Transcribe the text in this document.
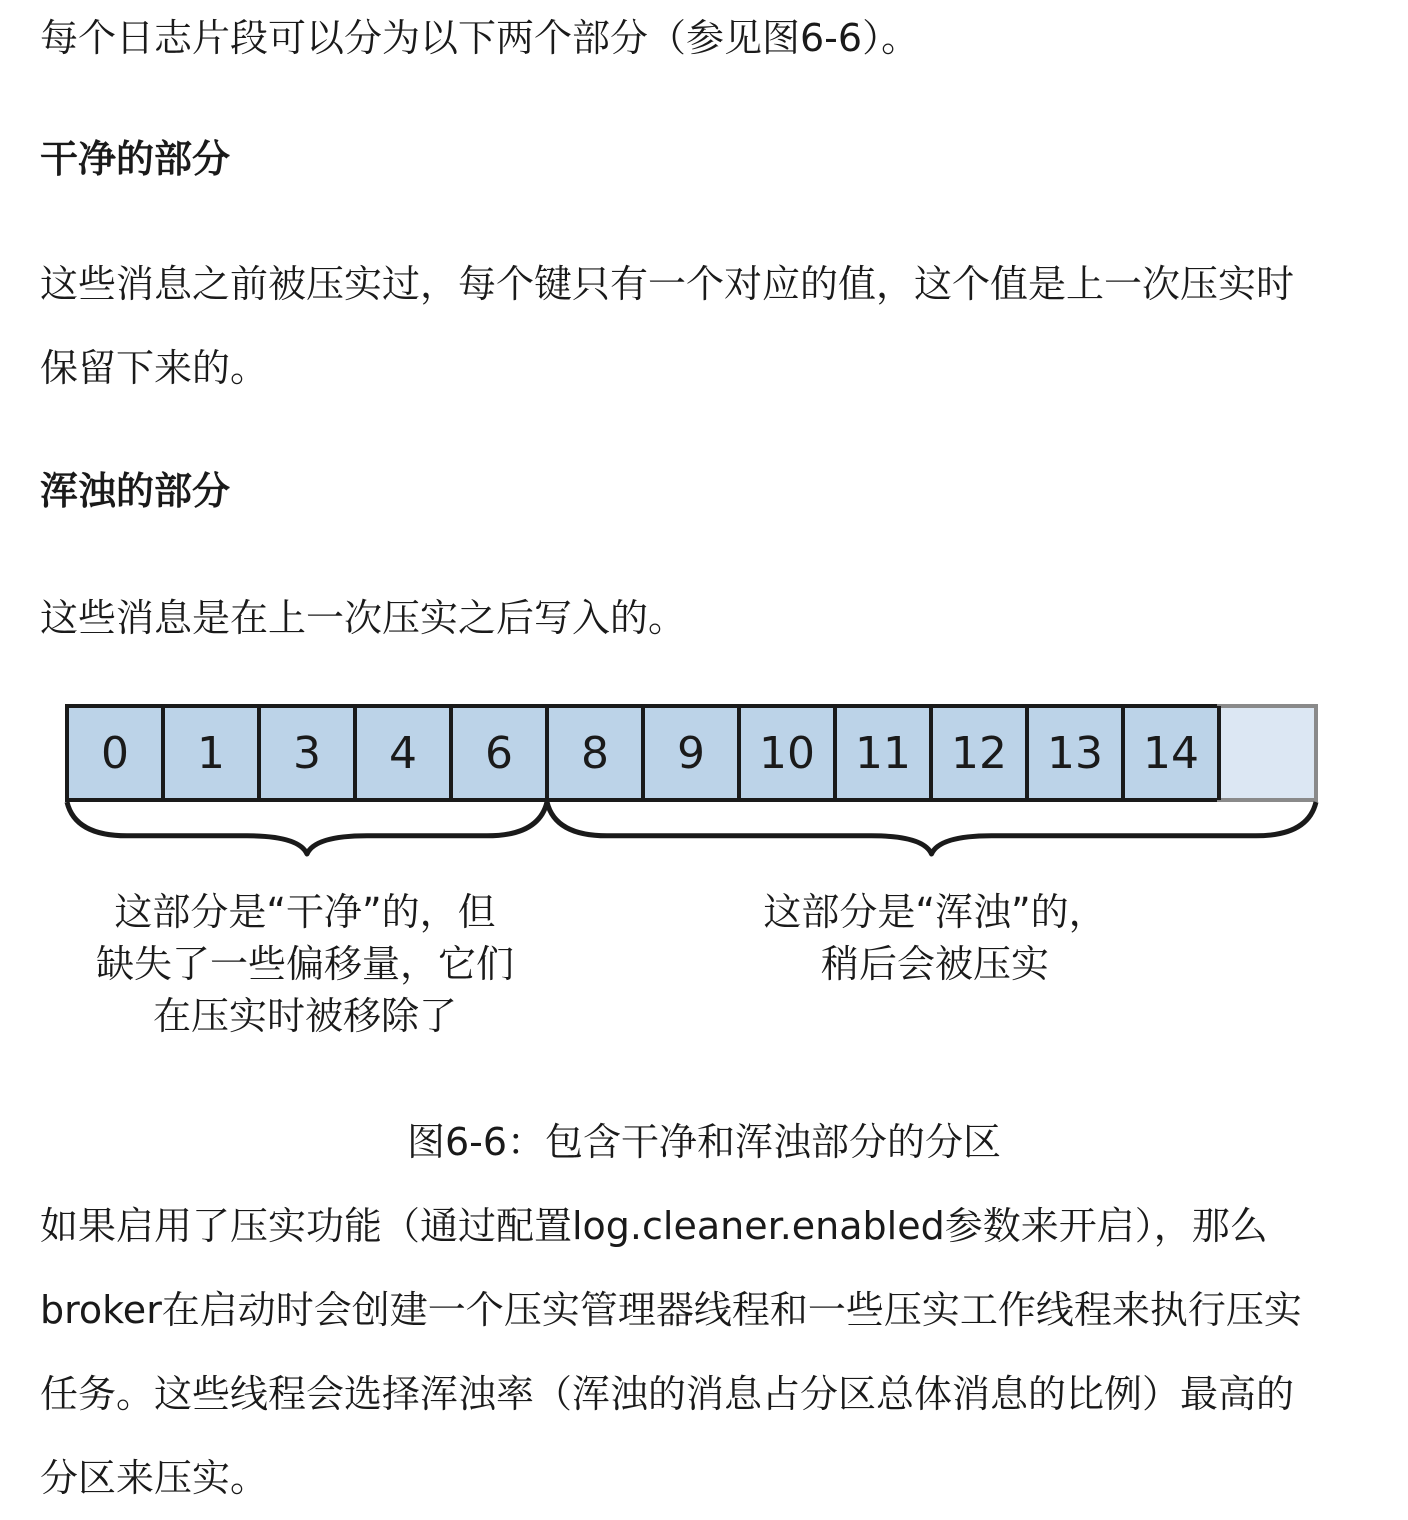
每个日志片段可以分为以下两个部分（参见图6-6）。

干净的部分

这些消息之前被压实过，每个键只有一个对应的值，这个值是上一次压实时保留下来的。

浑浊的部分

这些消息是在上一次压实之后写入的。

0 1 3 4 6 8 9 10 11 12 13 14
这部分是“干净”的，但
缺失了一些偏移量，它们
在压实时被移除了
这部分是“浑浊”的，
稍后会被压实

图6-6：包含干净和浑浊部分的分区

如果启用了压实功能（通过配置log.cleaner.enabled参数来开启），那么broker在启动时会创建一个压实管理器线程和一些压实工作线程来执行压实任务。这些线程会选择浑浊率（浑浊的消息占分区总体消息的比例）最高的分区来压实。
